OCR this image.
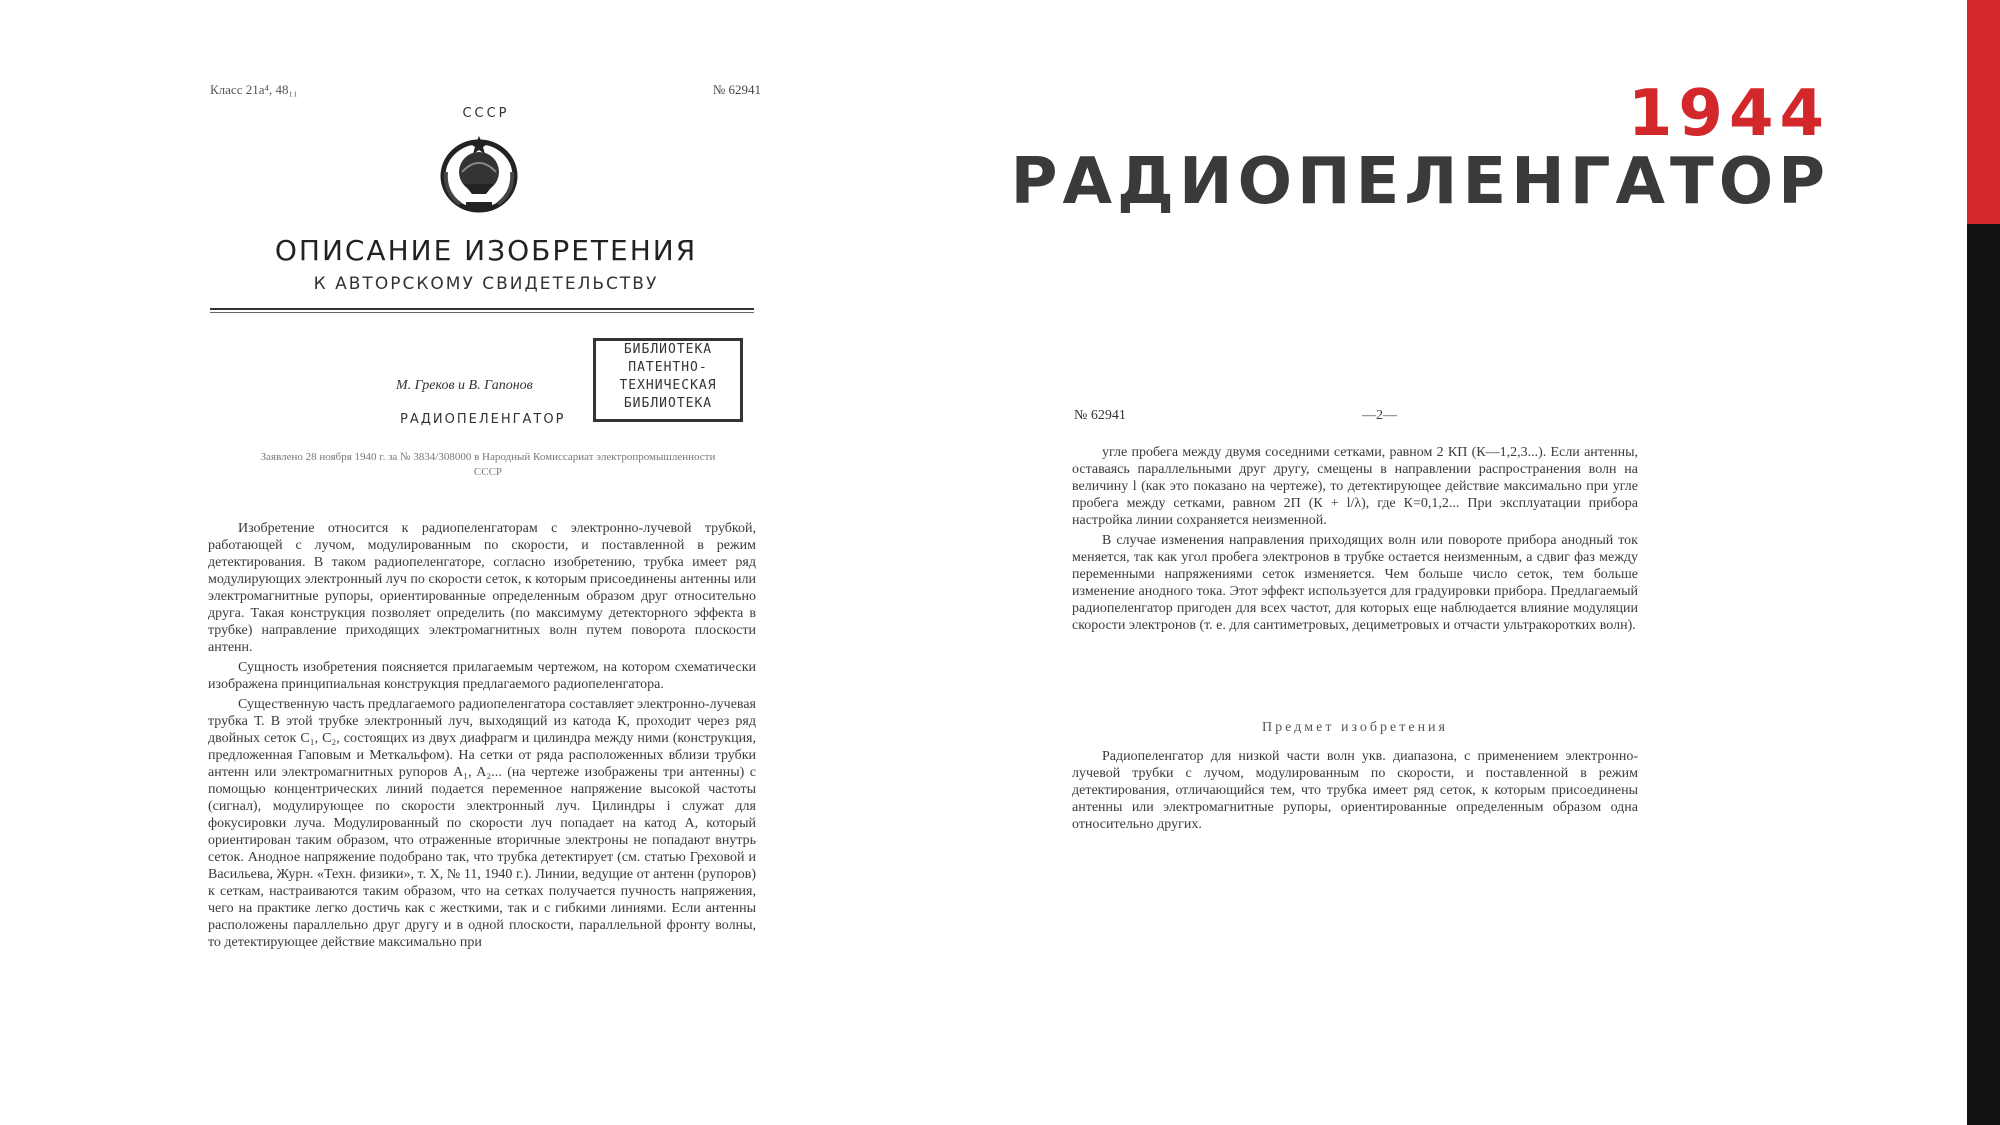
1944
РАДИОПЕЛЕНГАТОР
Класс 21a⁴, 48₁₁	№ 62941
СССР
ОПИСАНИЕ ИЗОБРЕТЕНИЯ
К АВТОРСКОМУ СВИДЕТЕЛЬСТВУ
БИБЛИОТЕКА
ПАТЕНТНО-
ТЕХНИЧЕСКАЯ
БИБЛИОТЕКА
М. Греков и В. Гапонов
РАДИОПЕЛЕНГАТОР
Заявлено 28 ноября 1940 г. за № 3834/308000 в Народный Комиссариат электропромышленности СССР

Изобретение относится к радиопеленгаторам с электронно-лучевой трубкой, работающей с лучом, модулированным по скорости, и поставленной в режим детектирования. В таком радиопеленгаторе, согласно изобретению, трубка имеет ряд модулирующих электронный луч по скорости сеток, к которым присоединены антенны или электромагнитные рупоры, ориентированные определенным образом друг относительно друга. Такая конструкция позволяет определить (по максимуму детекторного эффекта в трубке) направление приходящих электромагнитных волн путем поворота плоскости антенн.

Сущность изобретения поясняется прилагаемым чертежом, на котором схематически изображена принципиальная конструкция предлагаемого радиопеленгатора.

Существенную часть предлагаемого радиопеленгатора составляет электронно-лучевая трубка Т. В этой трубке электронный луч, выходящий из катода К, проходит через ряд двойных сеток C₁, C₂, состоящих из двух диафрагм и цилиндра между ними (конструкция, предложенная Гаповым и Меткальфом). На сетки от ряда расположенных вблизи трубки антенн или электромагнитных рупоров A₁, A₂... (на чертеже изображены три антенны) с помощью концентрических линий подается переменное напряжение высокой частоты (сигнал), модулирующее по скорости электронный луч. Цилиндры i служат для фокусировки луча. Модулированный по скорости луч попадает на катод А, который ориентирован таким образом, что отраженные вторичные электроны не попадают внутрь сеток. Анодное напряжение подобрано так, что трубка детектирует (см. статью Греховой и Васильева, Журн. «Техн. физики», т. X, № 11, 1940 г.). Линии, ведущие от антенн (рупоров) к сеткам, настраиваются таким образом, что на сетках получается пучность напряжения, чего на практике легко достичь как с жесткими, так и с гибкими линиями. Если антенны расположены параллельно друг другу и в одной плоскости, параллельной фронту волны, то детектирующее действие максимально при

№ 62941	—2—

угле пробега между двумя соседними сетками, равном 2 КП (К—1,2,3...). Если антенны, оставаясь параллельными друг другу, смещены в направлении распространения волн на величину l (как это показано на чертеже), то детектирующее действие максимально при угле пробега между сетками, равном 2П (К + l/λ), где К=0,1,2... При эксплуатации прибора настройка линии сохраняется неизменной.

В случае изменения направления приходящих волн или повороте прибора анодный ток меняется, так как угол пробега электронов в трубке остается неизменным, а сдвиг фаз между переменными напряжениями сеток изменяется. Чем больше число сеток, тем больше изменение анодного тока. Этот эффект используется для градуировки прибора. Предлагаемый радиопеленгатор пригоден для всех частот, для которых еще наблюдается влияние модуляции скорости электронов (т. е. для сантиметровых, дециметровых и отчасти ультракоротких волн).

Предмет изобретения

Радиопеленгатор для низкой части волн укв. диапазона, с применением электронно-лучевой трубки с лучом, модулированным по скорости, и поставленной в режим детектирования, отличающийся тем, что трубка имеет ряд сеток, к которым присоединены антенны или электромагнитные рупоры, ориентированные определенным образом одна относительно других.
